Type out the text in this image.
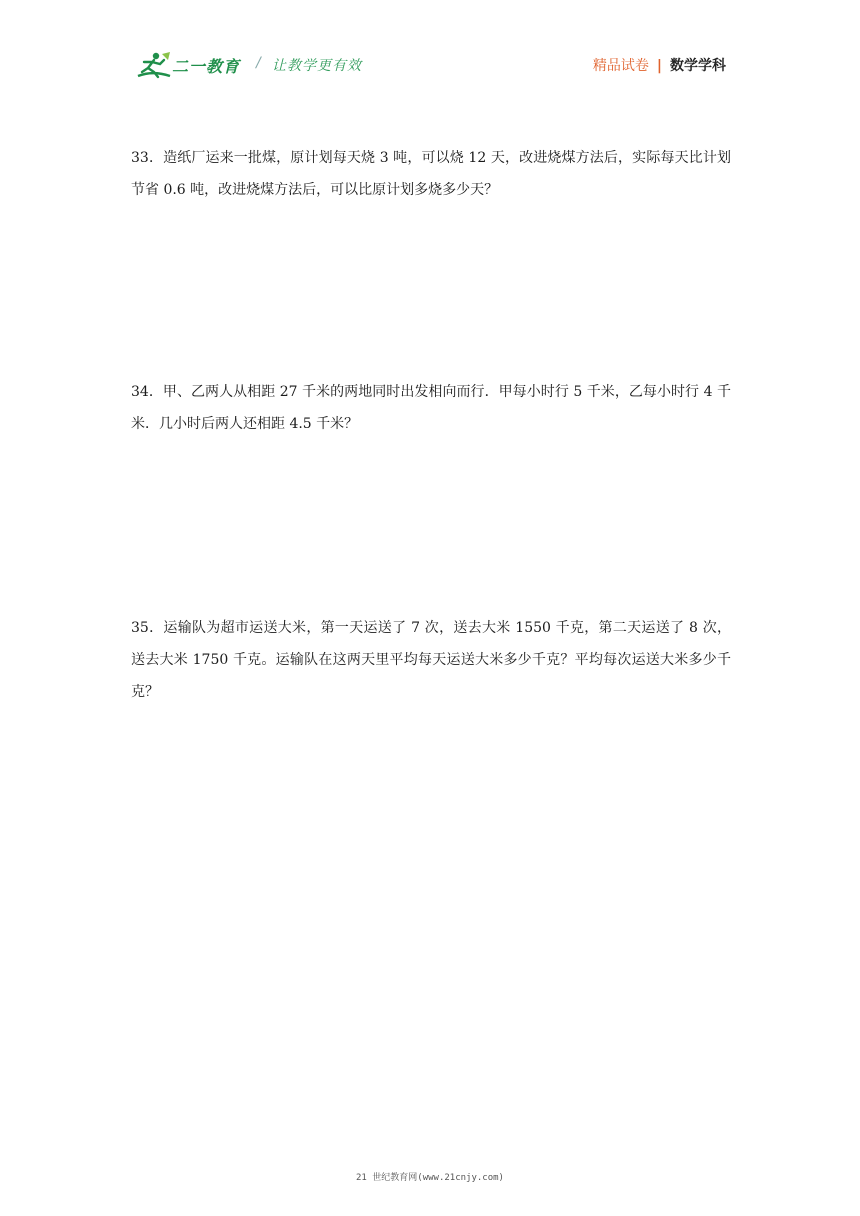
二一教育 / 让教学更有效	精品试卷 | 数学学科
33．造纸厂运来一批煤，原计划每天烧 3 吨，可以烧 12 天，改进烧煤方法后，实际每天比计划节省 0.6 吨，改进烧煤方法后，可以比原计划多烧多少天？
34．甲、乙两人从相距 27 千米的两地同时出发相向而行．甲每小时行 5 千米，乙每小时行 4 千米．几小时后两人还相距 4.5 千米？
35．运输队为超市运送大米，第一天运送了 7 次，送去大米 1550 千克，第二天运送了 8 次，送去大米 1750 千克。运输队在这两天里平均每天运送大米多少千克？平均每次运送大米多少千克？
21 世纪教育网(www.21cnjy.com)
